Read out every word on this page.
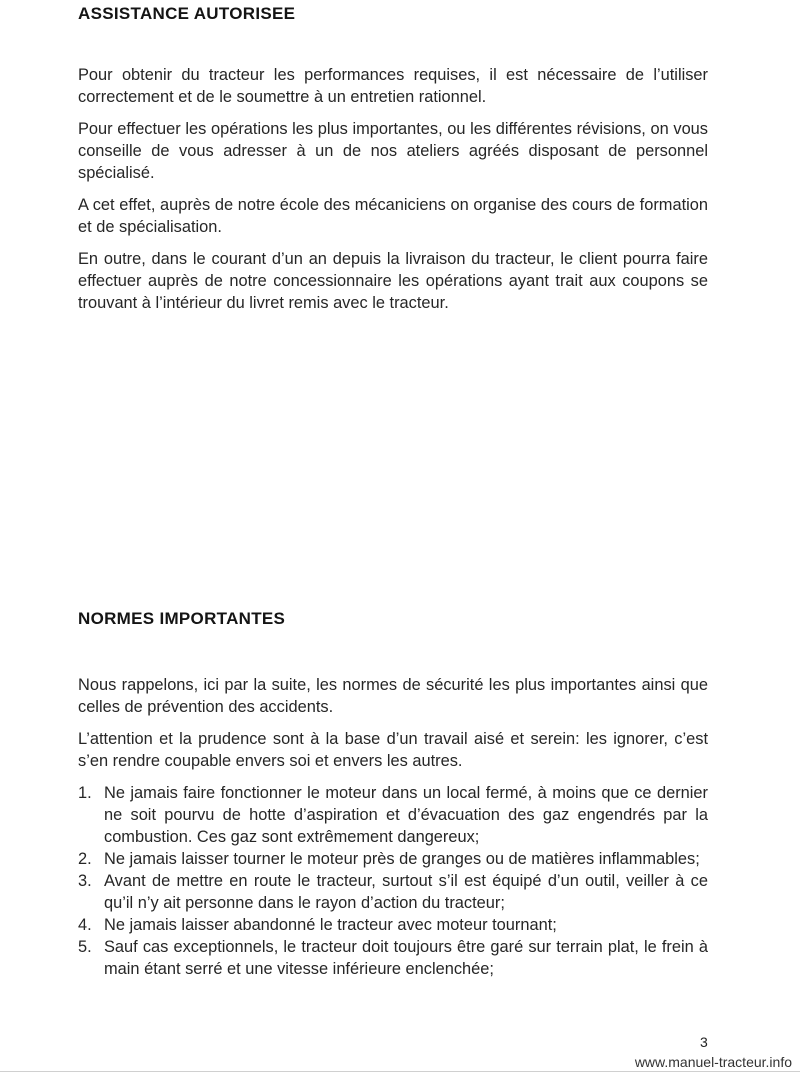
ASSISTANCE AUTORISEE

Pour obtenir du tracteur les performances requises, il est nécessaire de l’utiliser correctement et de le soumettre à un entretien rationnel.

Pour effectuer les opérations les plus importantes, ou les différentes révisions, on vous conseille de vous adresser à un de nos ateliers agréés disposant de personnel spécialisé.

A cet effet, auprès de notre école des mécaniciens on organise des cours de formation et de spécialisation.

En outre, dans le courant d’un an depuis la livraison du tracteur, le client pourra faire effectuer auprès de notre concessionnaire les opérations ayant trait aux coupons se trouvant à l’intérieur du livret remis avec le tracteur.

NORMES IMPORTANTES

Nous rappelons, ici par la suite, les normes de sécurité les plus importantes ainsi que celles de prévention des accidents.

L’attention et la prudence sont à la base d’un travail aisé et serein: les ignorer, c’est s’en rendre coupable envers soi et envers les autres.

1. Ne jamais faire fonctionner le moteur dans un local fermé, à moins que ce dernier ne soit pourvu de hotte d’aspiration et d’évacuation des gaz engendrés par la combustion. Ces gaz sont extrêmement dangereux;
2. Ne jamais laisser tourner le moteur près de granges ou de matières inflammables;
3. Avant de mettre en route le tracteur, surtout s’il est équipé d’un outil, veiller à ce qu’il n’y ait personne dans le rayon d’action du tracteur;
4. Ne jamais laisser abandonné le tracteur avec moteur tournant;
5. Sauf cas exceptionnels, le tracteur doit toujours être garé sur terrain plat, le frein à main étant serré et une vitesse inférieure enclenchée;
3
www.manuel-tracteur.info
